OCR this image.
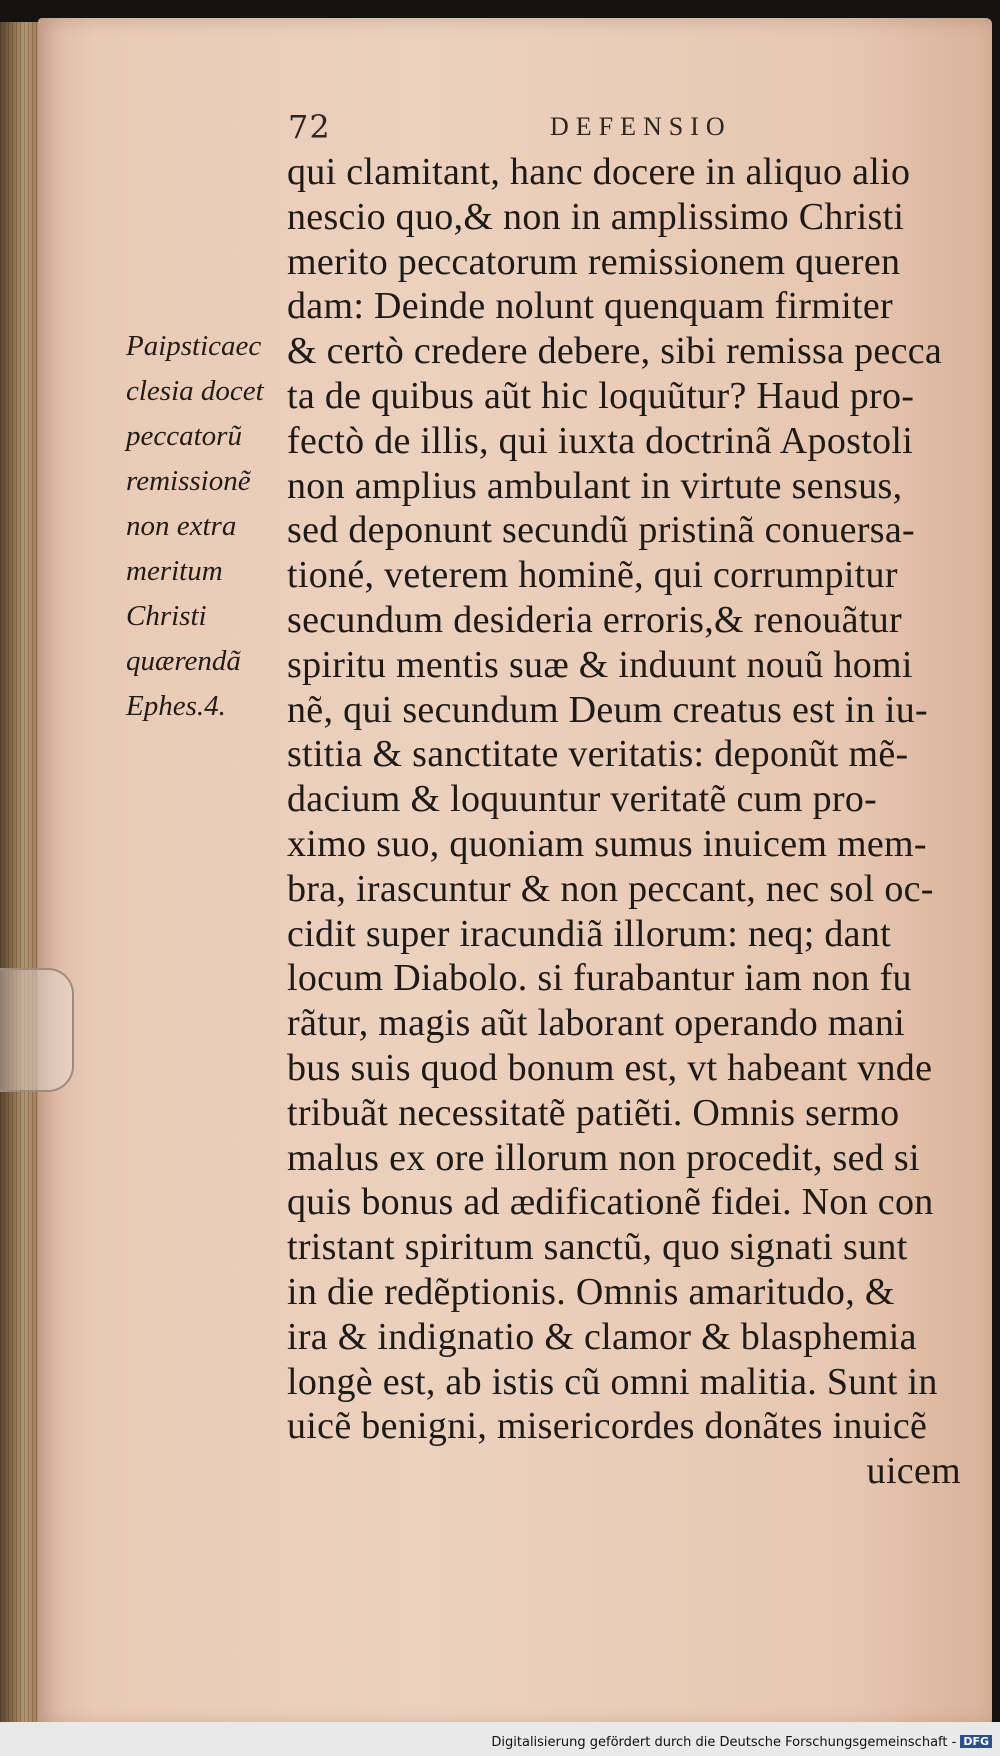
72	DEFENSIO
Paipsticaec
clesia docet
peccatorũ
remissionẽ
non extra
meritum
Christi
quærendã
Ephes.4.
qui clamitant, hanc docere in aliquo alio
nescio quo,& non in amplissimo Christi
merito peccatorum remissionem queren
dam: Deinde nolunt quenquam firmiter
& certò credere debere, sibi remissa pecca
ta de quibus aũt hic loquũtur? Haud pro-
fectò de illis, qui iuxta doctrinã Apostoli
non amplius ambulant in virtute sensus,
sed deponunt secundũ pristinã conuersa-
tioné, veterem hominẽ, qui corrumpitur
secundum desideria erroris,& renouãtur
spiritu mentis suæ & induunt nouũ homi
nẽ, qui secundum Deum creatus est in iu-
stitia & sanctitate veritatis: deponũt mẽ-
dacium & loquuntur veritatẽ cum pro-
ximo suo, quoniam sumus inuicem mem-
bra, irascuntur & non peccant, nec sol oc-
cidit super iracundiã illorum: neq; dant
locum Diabolo. si furabantur iam non fu
rãtur, magis aũt laborant operando mani
bus suis quod bonum est, vt habeant vnde
tribuãt necessitatẽ patiẽti. Omnis sermo
malus ex ore illorum non procedit, sed si
quis bonus ad ædificationẽ fidei. Non con
tristant spiritum sanctũ, quo signati sunt
in die redẽptionis. Omnis amaritudo, &
ira & indignatio & clamor & blasphemia
longè est, ab istis cũ omni malitia. Sunt in
uicẽ benigni, misericordes donãtes inuicẽ
uicem
Digitalisierung gefördert durch die Deutsche Forschungsgemeinschaft - DFG
